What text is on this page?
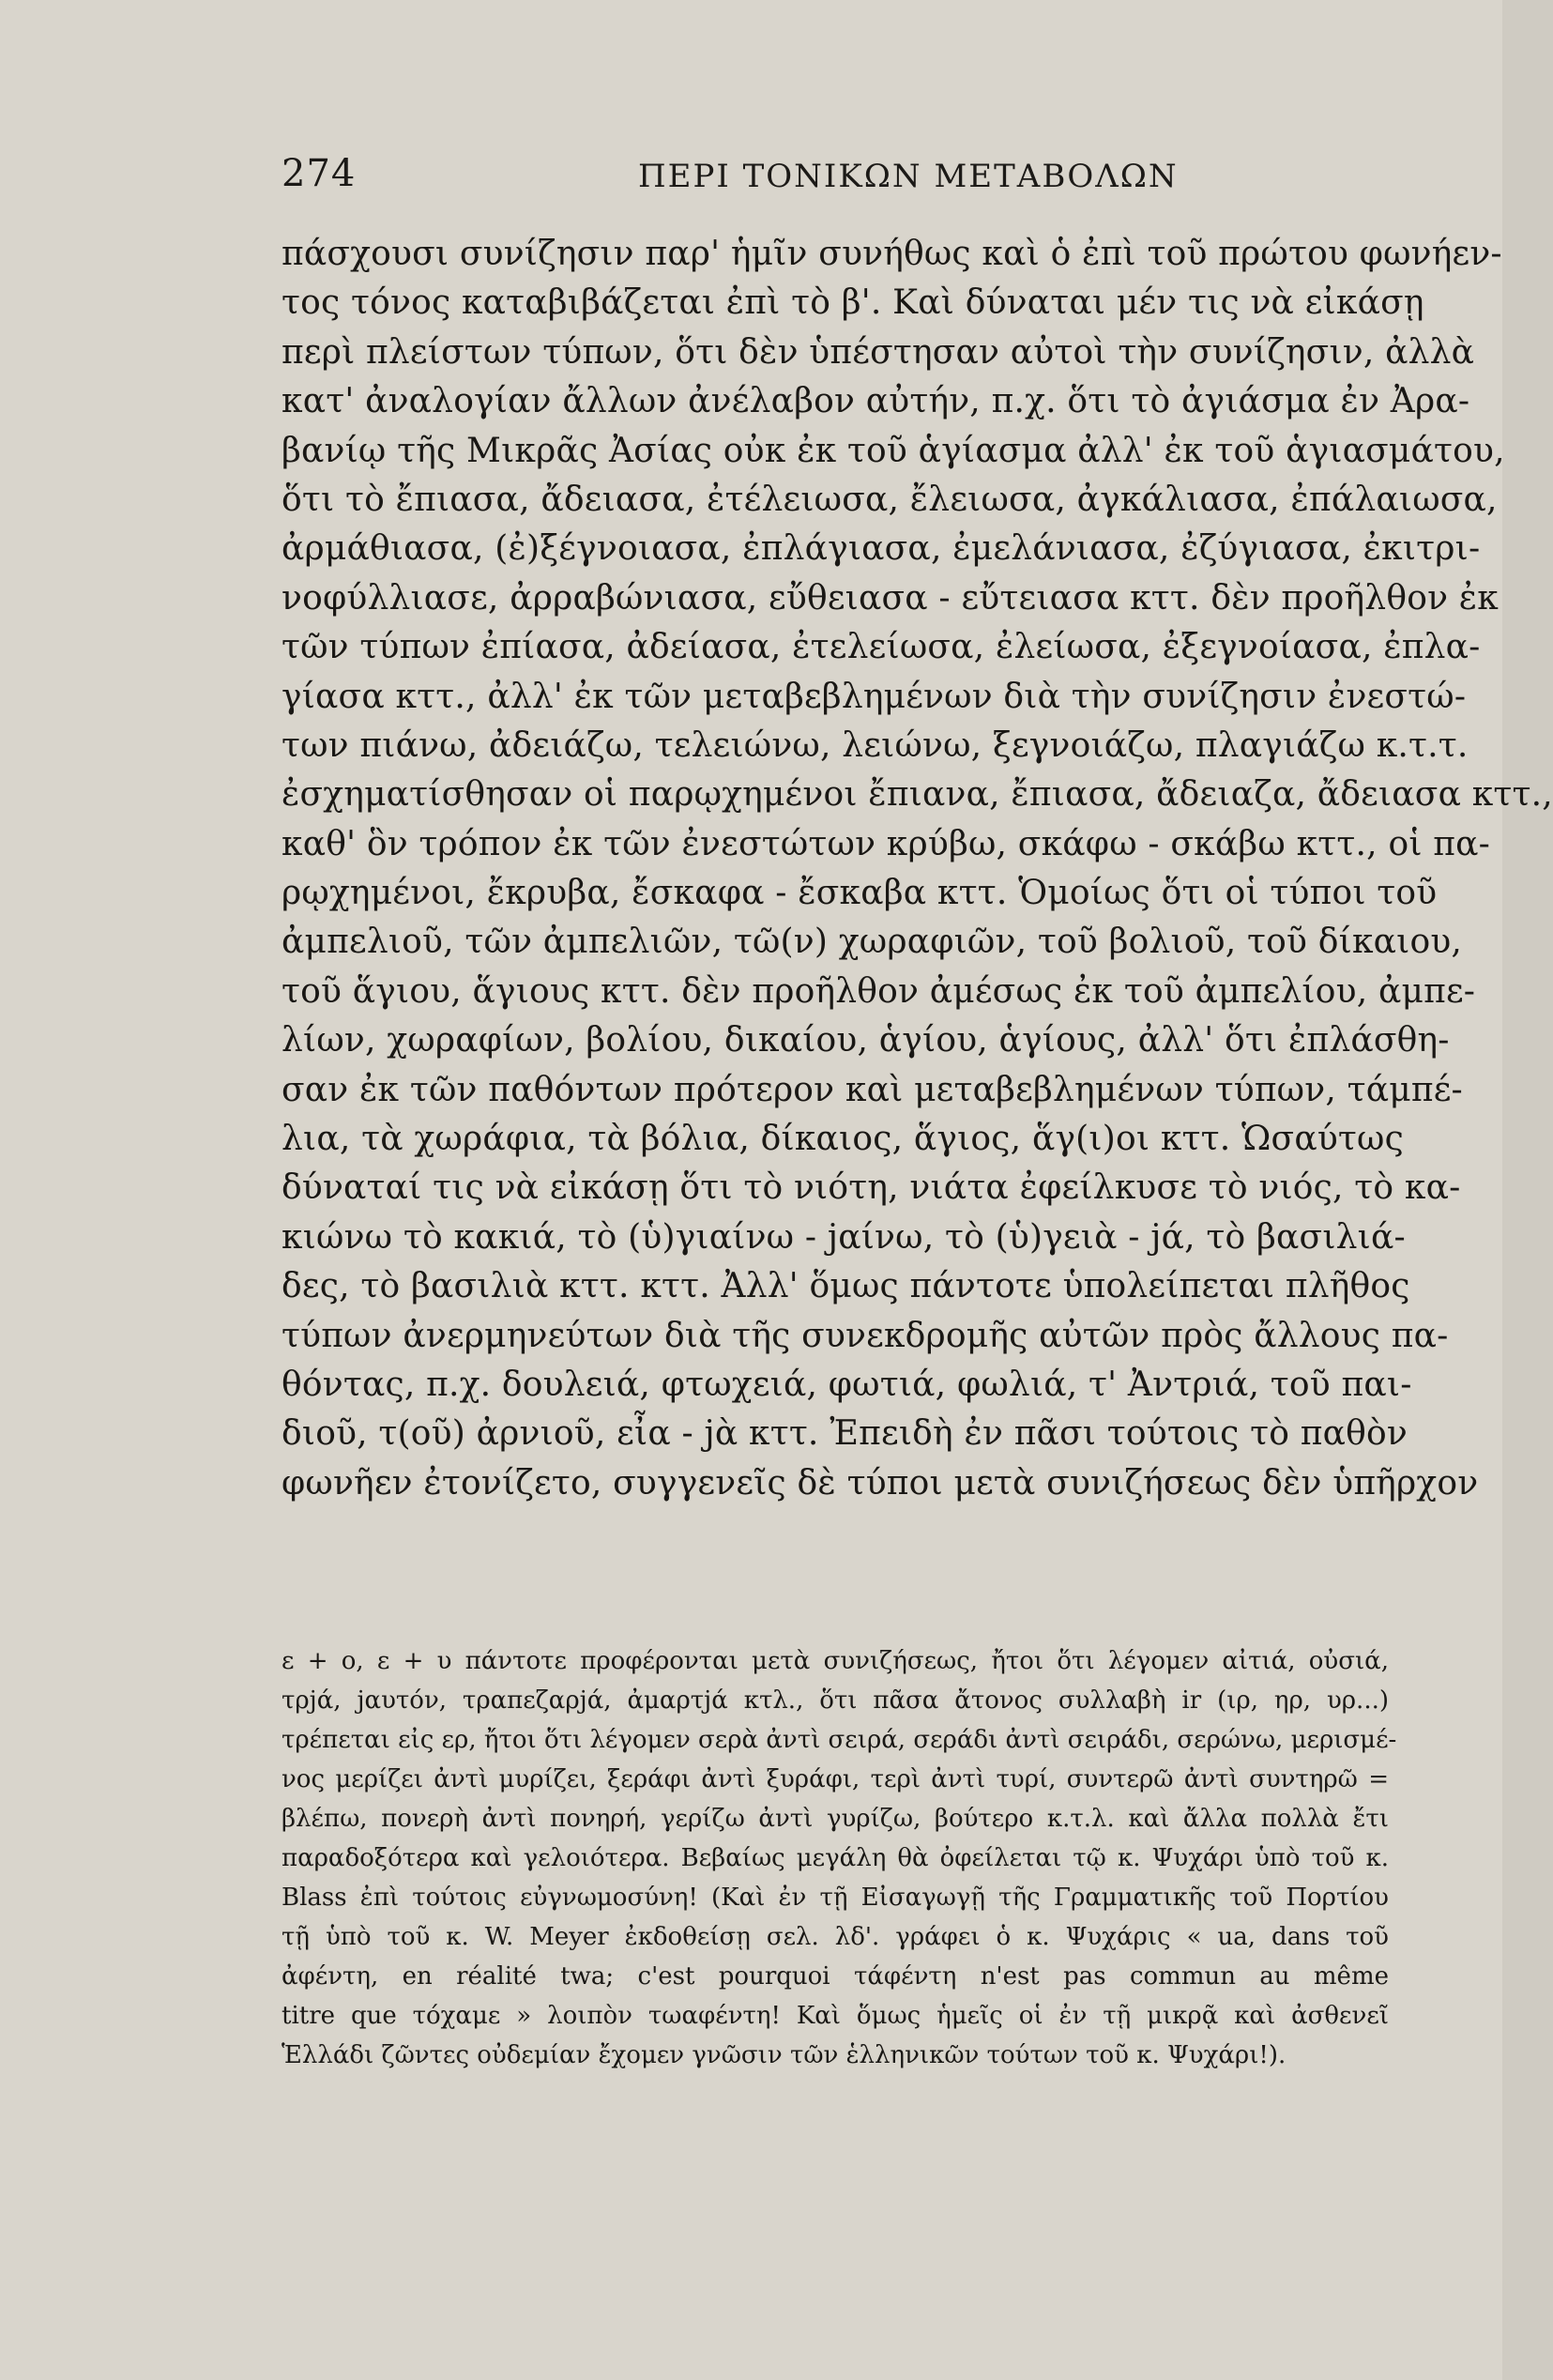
274	ΠΕΡΙ ΤΟΝΙΚΩΝ ΜΕΤΑΒΟΛΩΝ
πάσχουσι συνίζησιν παρ' ἡμῖν συνήθως καὶ ὁ ἐπὶ τοῦ πρώτου φωνήεν-
τος τόνος καταβιβάζεται ἐπὶ τὸ β'. Καὶ δύναται μέν τις νὰ εἰκάσῃ
περὶ πλείστων τύπων, ὅτι δὲν ὑπέστησαν αὐτοὶ τὴν συνίζησιν, ἀλλὰ
κατ' ἀναλογίαν ἄλλων ἀνέλαβον αὐτήν, π.χ. ὅτι τὸ ἀγιάσμα ἐν Ἀρα-
βανίῳ τῆς Μικρᾶς Ἀσίας οὐκ ἐκ τοῦ ἁγίασμα ἀλλ' ἐκ τοῦ ἁγιασμάτου,
ὅτι τὸ ἔπιασα, ἄδειασα, ἐτέλειωσα, ἔλειωσα, ἀγκάλιασα, ἐπάλαιωσα,
ἀρμάθιασα, (ἐ)ξέγνοιασα, ἐπλάγιασα, ἐμελάνιασα, ἐζύγιασα, ἐκιτρι-
νοφύλλιασε, ἀρραβώνιασα, εὔθειασα - εὔτειασα κττ. δὲν προῆλθον ἐκ
τῶν τύπων ἐπίασα, ἀδείασα, ἐτελείωσα, ἐλείωσα, ἐξεγνοίασα, ἐπλα-
γίασα κττ., ἀλλ' ἐκ τῶν μεταβεβλημένων διὰ τὴν συνίζησιν ἐνεστώ-
των πιάνω, ἀδειάζω, τελειώνω, λειώνω, ξεγνοιάζω, πλαγιάζω κ.τ.τ.
ἐσχηματίσθησαν οἱ παρῳχημένοι ἔπιανα, ἔπιασα, ἄδειαζα, ἄδειασα κττ.,
καθ' ὃν τρόπον ἐκ τῶν ἐνεστώτων κρύβω, σκάφω - σκάβω κττ., οἱ πα-
ρῳχημένοι, ἔκρυβα, ἔσκαφα - ἔσκαβα κττ. Ὁμοίως ὅτι οἱ τύποι τοῦ
ἀμπελιοῦ, τῶν ἀμπελιῶν, τῶ(ν) χωραφιῶν, τοῦ βολιοῦ, τοῦ δίκαιου,
τοῦ ἅγιου, ἅγιους κττ. δὲν προῆλθον ἀμέσως ἐκ τοῦ ἀμπελίου, ἀμπε-
λίων, χωραφίων, βολίου, δικαίου, ἁγίου, ἁγίους, ἀλλ' ὅτι ἐπλάσθη-
σαν ἐκ τῶν παθόντων πρότερον καὶ μεταβεβλημένων τύπων, τάμπέ-
λια, τὰ χωράφια, τὰ βόλια, δίκαιος, ἅγιος, ἅγ(ι)οι κττ. Ὡσαύτως
δύναταί τις νὰ εἰκάσῃ ὅτι τὸ νιότη, νιάτα ἐφείλκυσε τὸ νιός, τὸ κα-
κιώνω τὸ κακιά, τὸ (ὑ)γιαίνω - jαίνω, τὸ (ὑ)γειὰ - jά, τὸ βασιλιά-
δες, τὸ βασιλιὰ κττ. κττ. Ἀλλ' ὅμως πάντοτε ὑπολείπεται πλῆθος
τύπων ἀνερμηνεύτων διὰ τῆς συνεκδρομῆς αὐτῶν πρὸς ἄλλους πα-
θόντας, π.χ. δουλειά, φτωχειά, φωτιά, φωλιά, τ' Ἀντριά, τοῦ παι-
διοῦ, τ(οῦ) ἀρνιοῦ, εἶα - jὰ κττ. Ἐπειδὴ ἐν πᾶσι τούτοις τὸ παθὸν
φωνῆεν ἐτονίζετο, συγγενεῖς δὲ τύποι μετὰ συνιζήσεως δὲν ὑπῆρχον
ε + ο, ε + υ πάντοτε προφέρονται μετὰ συνιζήσεως, ἤτοι ὅτι λέγομεν αἰτιά, οὐσιά,
τρjά, jαυτόν, τραπεζαρjά, ἀμαρτjά κτλ., ὅτι πᾶσα ἄτονος συλλαβὴ ir (ιρ, ηρ, υρ...)
τρέπεται εἰς ερ, ἤτοι ὅτι λέγομεν σερὰ ἀντὶ σειρά, σεράδι ἀντὶ σειράδι, σερώνω, μερισμέ-
νος μερίζει ἀντὶ μυρίζει, ξεράφι ἀντὶ ξυράφι, τερὶ ἀντὶ τυρί, συντερῶ ἀντὶ συντηρῶ =
βλέπω, πονερὴ ἀντὶ πονηρή, γερίζω ἀντὶ γυρίζω, βούτερο κ.τ.λ. καὶ ἄλλα πολλὰ ἔτι
παραδοξότερα καὶ γελοιότερα. Βεβαίως μεγάλη θὰ ὀφείλεται τῷ κ. Ψυχάρι ὑπὸ τοῦ κ.
Blass ἐπὶ τούτοις εὐγνωμοσύνη! (Καὶ ἐν τῇ Εἰσαγωγῇ τῆς Γραμματικῆς τοῦ Πορτίου
τῇ ὑπὸ τοῦ κ. W. Meyer ἐκδοθείσῃ σελ. λδ'. γράφει ὁ κ. Ψυχάρις « ua, dans τοῦ
ἀφέντη, en réalité twa; c'est pourquoi τάφέντη n'est pas commun au même
titre que τόχαμε » λοιπὸν τωαφέντη! Καὶ ὅμως ἡμεῖς οἱ ἐν τῇ μικρᾷ καὶ ἀσθενεῖ
Ἑλλάδι ζῶντες οὐδεμίαν ἔχομεν γνῶσιν τῶν ἑλληνικῶν τούτων τοῦ κ. Ψυχάρι!).
